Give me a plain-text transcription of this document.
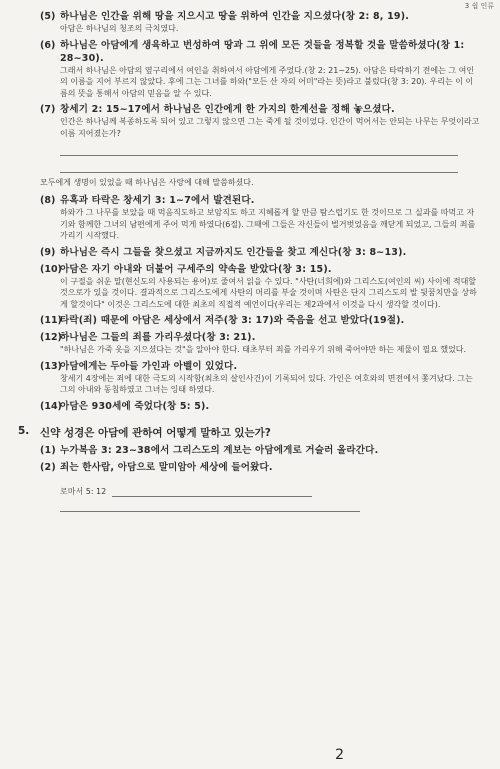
3 쉽 인류
(5) 하나님은 인간을 위해 땅을 지으시고 땅을 위하여 인간을 지으셨다(창 2: 8, 19).
아담은 하나님의 청조의 극치였다.
(6) 하나님은 아담에게 생육하고 번성하여 땅과 그 위에 모든 것들을 정복할 것을 말씀하셨다(창 1: 28~30).
그래서 하나님은 아담의 옆구리에서 여인을 취하여서 아담에게 주었다.(창 2: 21~25). 아담은 타락하기 전에는 그 여인의 이름을 지어 부르지 않았다. 후에 그는 그녀를 하와("모든 산 자의 어미"라는 뜻)라고 불렀다(창 3: 20). 우리는 이 이름의 뜻을 통해서 아담의 믿음을 알 수 있다.
(7) 창세기 2: 15~17에서 하나님은 인간에게 한 가지의 한계선을 정해 놓으셨다.
인간은 하나님께 복종하도록 되어 있고 그렇지 않으면 그는 죽게 될 것이었다. 인간이 먹어서는 안되는 나무는 무엇이라고 이름 지어졌는가?
모두에게 생명이 있었을 때 하나님은 사랑에 대해 말씀하셨다.
(8) 유혹과 타락은 창세기 3: 1~7에서 발견된다.
하와가 그 나무를 보았을 때 먹음직도하고 보암직도 하고 지혜롭게 할 만큼 탐스럽기도 한 것이므로 그 실과를 따먹고 자기와 함께한 그녀의 남편에게 주어 먹게 하였다(6절). 그때에 그들은 자신들이 벌거벗었음을 깨닫게 되었고, 그들의 죄를 가리기 시작했다.
(9) 하나님은 즉시 그들을 찾으셨고 지금까지도 인간들을 찾고 계신다(창 3: 8~13).
(10)
아담은 자기 아내와 더불어 구세주의 약속을 받았다(창 3: 15).
이 구절을 쉬운 말(현신도의 사용되는 용어)로 줄여서 읽을 수 있다. "사탄(너희에)와 그리스도(여인의 씨) 사이에 적대할 것으로가 있을 것이다. 결과적으로 그리스도에게 사탄의 머리를 부술 것이며 사탄은 단지 그리스도의 발 뒷꿈치만을 상하게 할것이다" 이것은 그리스도에 대한 최초의 직접적 예언이다(우리는 제2과에서 이것을 다시 생각할 것이다).
(11)
타락(죄) 때문에 아담은 세상에서 저주(창 3: 17)와 죽음을 선고 받았다(19절).
(12)
하나님은 그들의 죄를 가리우셨다(창 3: 21).
"하나님은 가죽 옷을 지으셨다는 것"을 알아야 한다. 태초부터 죄를 가리우기 위해 죽어야만 하는 제물이 필요 했었다.
(13)
아담에게는 두아들 가인과 아벨이 있었다.
창세기 4장에는 죄에 대한 극도의 시작함(최초의 살인사건)이 기록되어 있다. 가인은 여호와의 면전에서 쫓겨났다. 그는 그의 아내와 동침하였고 그녀는 잉태 하였다.
(14)
아담은 930세에 죽었다(창 5: 5).
5.	신약 성경은 아담에 관하여 어떻게 말하고 있는가?
(1) 누가복음 3: 23~38에서 그리스도의 계보는 아담에게로 거슬러 올라간다.
(2) 죄는 한사람, 아담으로 말미암아 세상에 들어왔다.
로마서 5: 12
2
